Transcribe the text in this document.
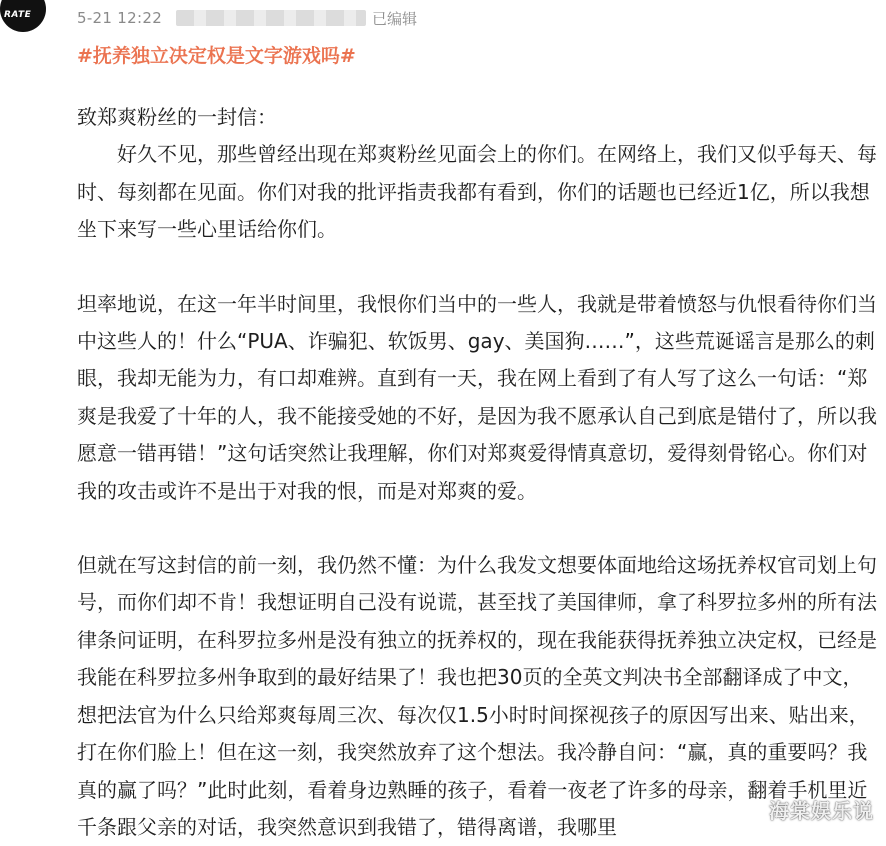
RATE	5-21 12:22	已编辑
#抚养独立决定权是文字游戏吗#

致郑爽粉丝的一封信：

好久不见，那些曾经出现在郑爽粉丝见面会上的你们。在网络上，我们又似乎每天、每时、每刻都在见面。你们对我的批评指责我都有看到，你们的话题也已经近1亿，所以我想坐下来写一些心里话给你们。

坦率地说，在这一年半时间里，我恨你们当中的一些人，我就是带着愤怒与仇恨看待你们当中这些人的！什么“PUA、诈骗犯、软饭男、gay、美国狗……”，这些荒诞谣言是那么的刺眼，我却无能为力，有口却难辨。直到有一天，我在网上看到了有人写了这么一句话：“郑爽是我爱了十年的人，我不能接受她的不好，是因为我不愿承认自己到底是错付了，所以我愿意一错再错！”这句话突然让我理解，你们对郑爽爱得情真意切，爱得刻骨铭心。你们对我的攻击或许不是出于对我的恨，而是对郑爽的爱。

但就在写这封信的前一刻，我仍然不懂：为什么我发文想要体面地给这场抚养权官司划上句号，而你们却不肯！我想证明自己没有说谎，甚至找了美国律师，拿了科罗拉多州的所有法律条问证明，在科罗拉多州是没有独立的抚养权的，现在我能获得抚养独立决定权，已经是我能在科罗拉多州争取到的最好结果了！我也把30页的全英文判决书全部翻译成了中文，想把法官为什么只给郑爽每周三次、每次仅1.5小时时间探视孩子的原因写出来、贴出来，打在你们脸上！但在这一刻，我突然放弃了这个想法。我冷静自问：“赢，真的重要吗？我真的赢了吗？”此时此刻，看着身边熟睡的孩子，看着一夜老了许多的母亲，翻着手机里近千条跟父亲的对话，我突然意识到我错了，错得离谱，我哪里

海棠娱乐说
